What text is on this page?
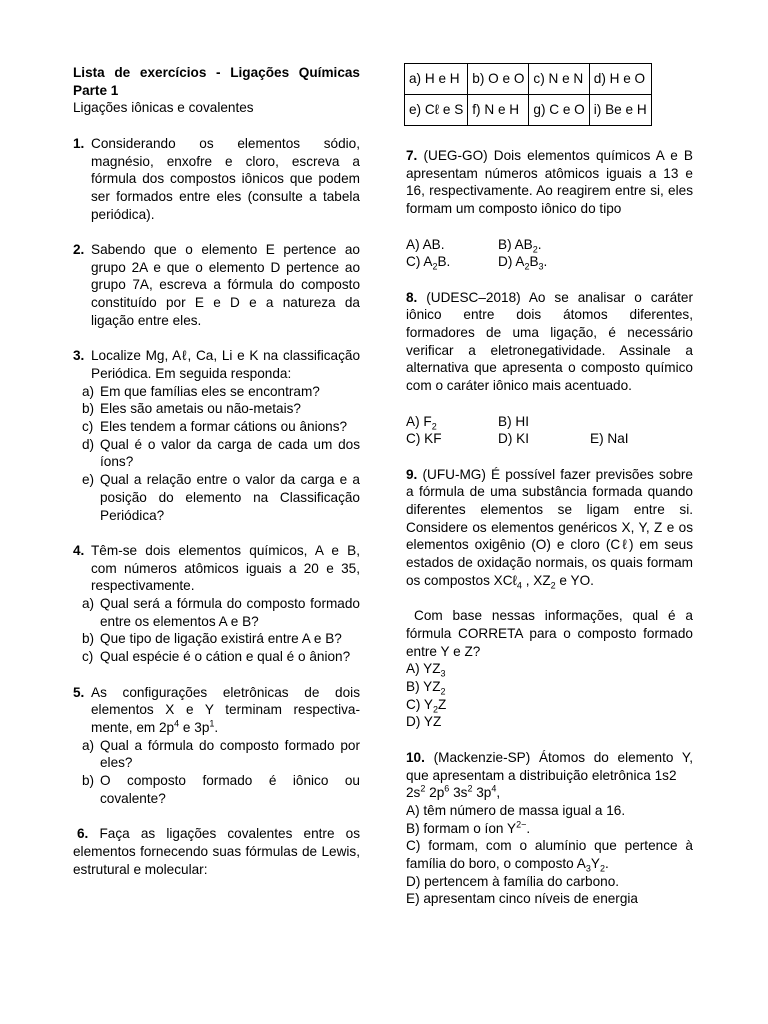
Lista de exercícios - Ligações Químicas

Parte 1

Ligações iônicas e covalentes

1. Considerando os elementos sódio, magnésio, enxofre e cloro, escreva a fórmula dos compostos iônicos que podem ser formados entre eles (consulte a tabela periódica).
2. Sabendo que o elemento E pertence ao grupo 2A e que o elemento D pertence ao grupo 7A, escreva a fórmula do composto constituído por E e D e a natureza da ligação entre eles.
3. Localize Mg, Aℓ, Ca, Li e K na classificação Periódica. Em seguida responda:
a) Em que famílias eles se encontram?
b) Eles são ametais ou não-metais?
c) Eles tendem a formar cátions ou ânions?
d) Qual é o valor da carga de cada um dos íons?
e) Qual a relação entre o valor da carga e a posição do elemento na Classificação Periódica?
4. Têm-se dois elementos químicos, A e B, com números atômicos iguais a 20 e 35, respectivamente.
a) Qual será a fórmula do composto formado entre os elementos A e B?
b) Que tipo de ligação existirá entre A e B?
c) Qual espécie é o cátion e qual é o ânion?
5. As configurações eletrônicas de dois elementos X e Y terminam respectiva-mente, em $2p^4$ e $3p^1$.
a) Qual a fórmula do composto formado por eles?
b) O composto formado é iônico ou covalente?
6. Faça as ligações covalentes entre os elementos fornecendo suas fórmulas de Lewis, estrutural e molecular:
a) H e H	b) O e O	c) N e N	d) H e O
e) Cℓ e S	f) N e H	g) C e O	i) Be e H

7. (UEG-GO) Dois elementos químicos A e B apresentam números atômicos iguais a 13 e 16, respectivamente. Ao reagirem entre si, eles formam um composto iônico do tipo

A) AB.	B) $AB_2$.

C) $A_2B$.	D) $A_2B_3$.

8. (UDESC–2018) Ao se analisar o caráter iônico entre dois átomos diferentes, formadores de uma ligação, é necessário verificar a eletronegatividade. Assinale a alternativa que apresenta o composto químico com o caráter iônico mais acentuado.

A) $F_2$	B) HI

C) KF	D) KI	E) NaI

9. (UFU-MG) É possível fazer previsões sobre a fórmula de uma substância formada quando diferentes elementos se ligam entre si. Considere os elementos genéricos X, Y, Z e os elementos oxigênio (O) e cloro (Cℓ) em seus estados de oxidação normais, os quais formam os compostos XCℓ$_4$ , $XZ_2$ e YO.

Com base nessas informações, qual é a fórmula CORRETA para o composto formado entre Y e Z?

A) $YZ_3$

B) $YZ_2$

C) $Y_2Z$

D) YZ

10. (Mackenzie-SP) Átomos do elemento Y, que apresentam a distribuição eletrônica 1s2

$2s^2$ $2p^6$ $3s^2$ $3p^4$,

A) têm número de massa igual a 16.

B) formam o íon $Y^{2-}$.

C) formam, com o alumínio que pertence à família do boro, o composto $A_3Y_2$.

D) pertencem à família do carbono.

E) apresentam cinco níveis de energia
